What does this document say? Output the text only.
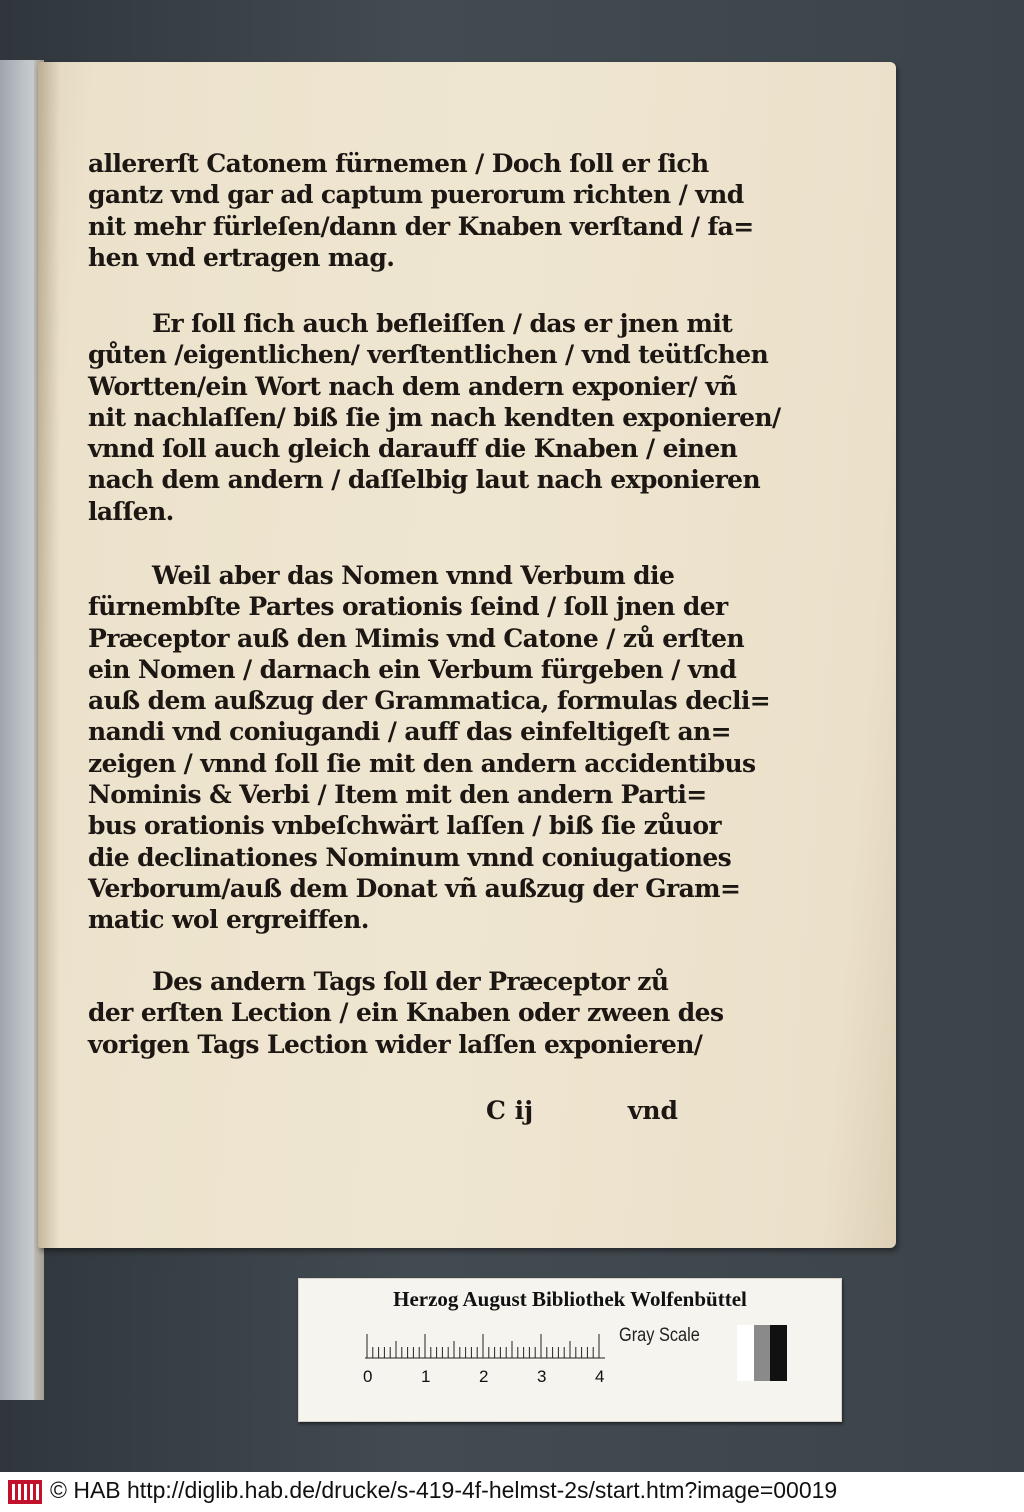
allererſt Catonem fürnemen / Doch ſoll er ſich
gantz vnd gar ad captum puerorum richten / vnd
nit mehr fürleſen/dann der Knaben verſtand / fa=
hen vnd ertragen mag.
Er ſoll ſich auch befleiſſen / das er jnen mit
gůten /eigentlichen/ verſtentlichen / vnd teütſchen
Wortten/ein Wort nach dem andern exponier/ vñ
nit nachlaſſen/ biß ſie jm nach kendten exponieren/
vnnd ſoll auch gleich darauff die Knaben / einen
nach dem andern / daſſelbig laut nach exponieren
laſſen.
Weil aber das Nomen vnnd Verbum die
fürnembſte Partes orationis ſeind / ſoll jnen der
Præceptor auß den Mimis vnd Catone / zů erſten
ein Nomen / darnach ein Verbum fürgeben / vnd
auß dem außzug der Grammatica, formulas decli=
nandi vnd coniugandi / auff das einfeltigeſt an=
zeigen / vnnd ſoll ſie mit den andern accidentibus
Nominis & Verbi / Item mit den andern Parti=
bus orationis vnbeſchwärt laſſen / biß ſie zůuor
die declinationes Nominum vnnd coniugationes
Verborum/auß dem Donat vñ außzug der Gram=
matic wol ergreiffen.
Des andern Tags ſoll der Præceptor zů
der erſten Lection / ein Knaben oder zween des
vorigen Tags Lection wider laſſen exponieren/
C ij	vnd
Herzog August Bibliothek Wolfenbüttel
0	1	2	3	4
Gray Scale
© HAB http://diglib.hab.de/drucke/s-419-4f-helmst-2s/start.htm?image=00019
